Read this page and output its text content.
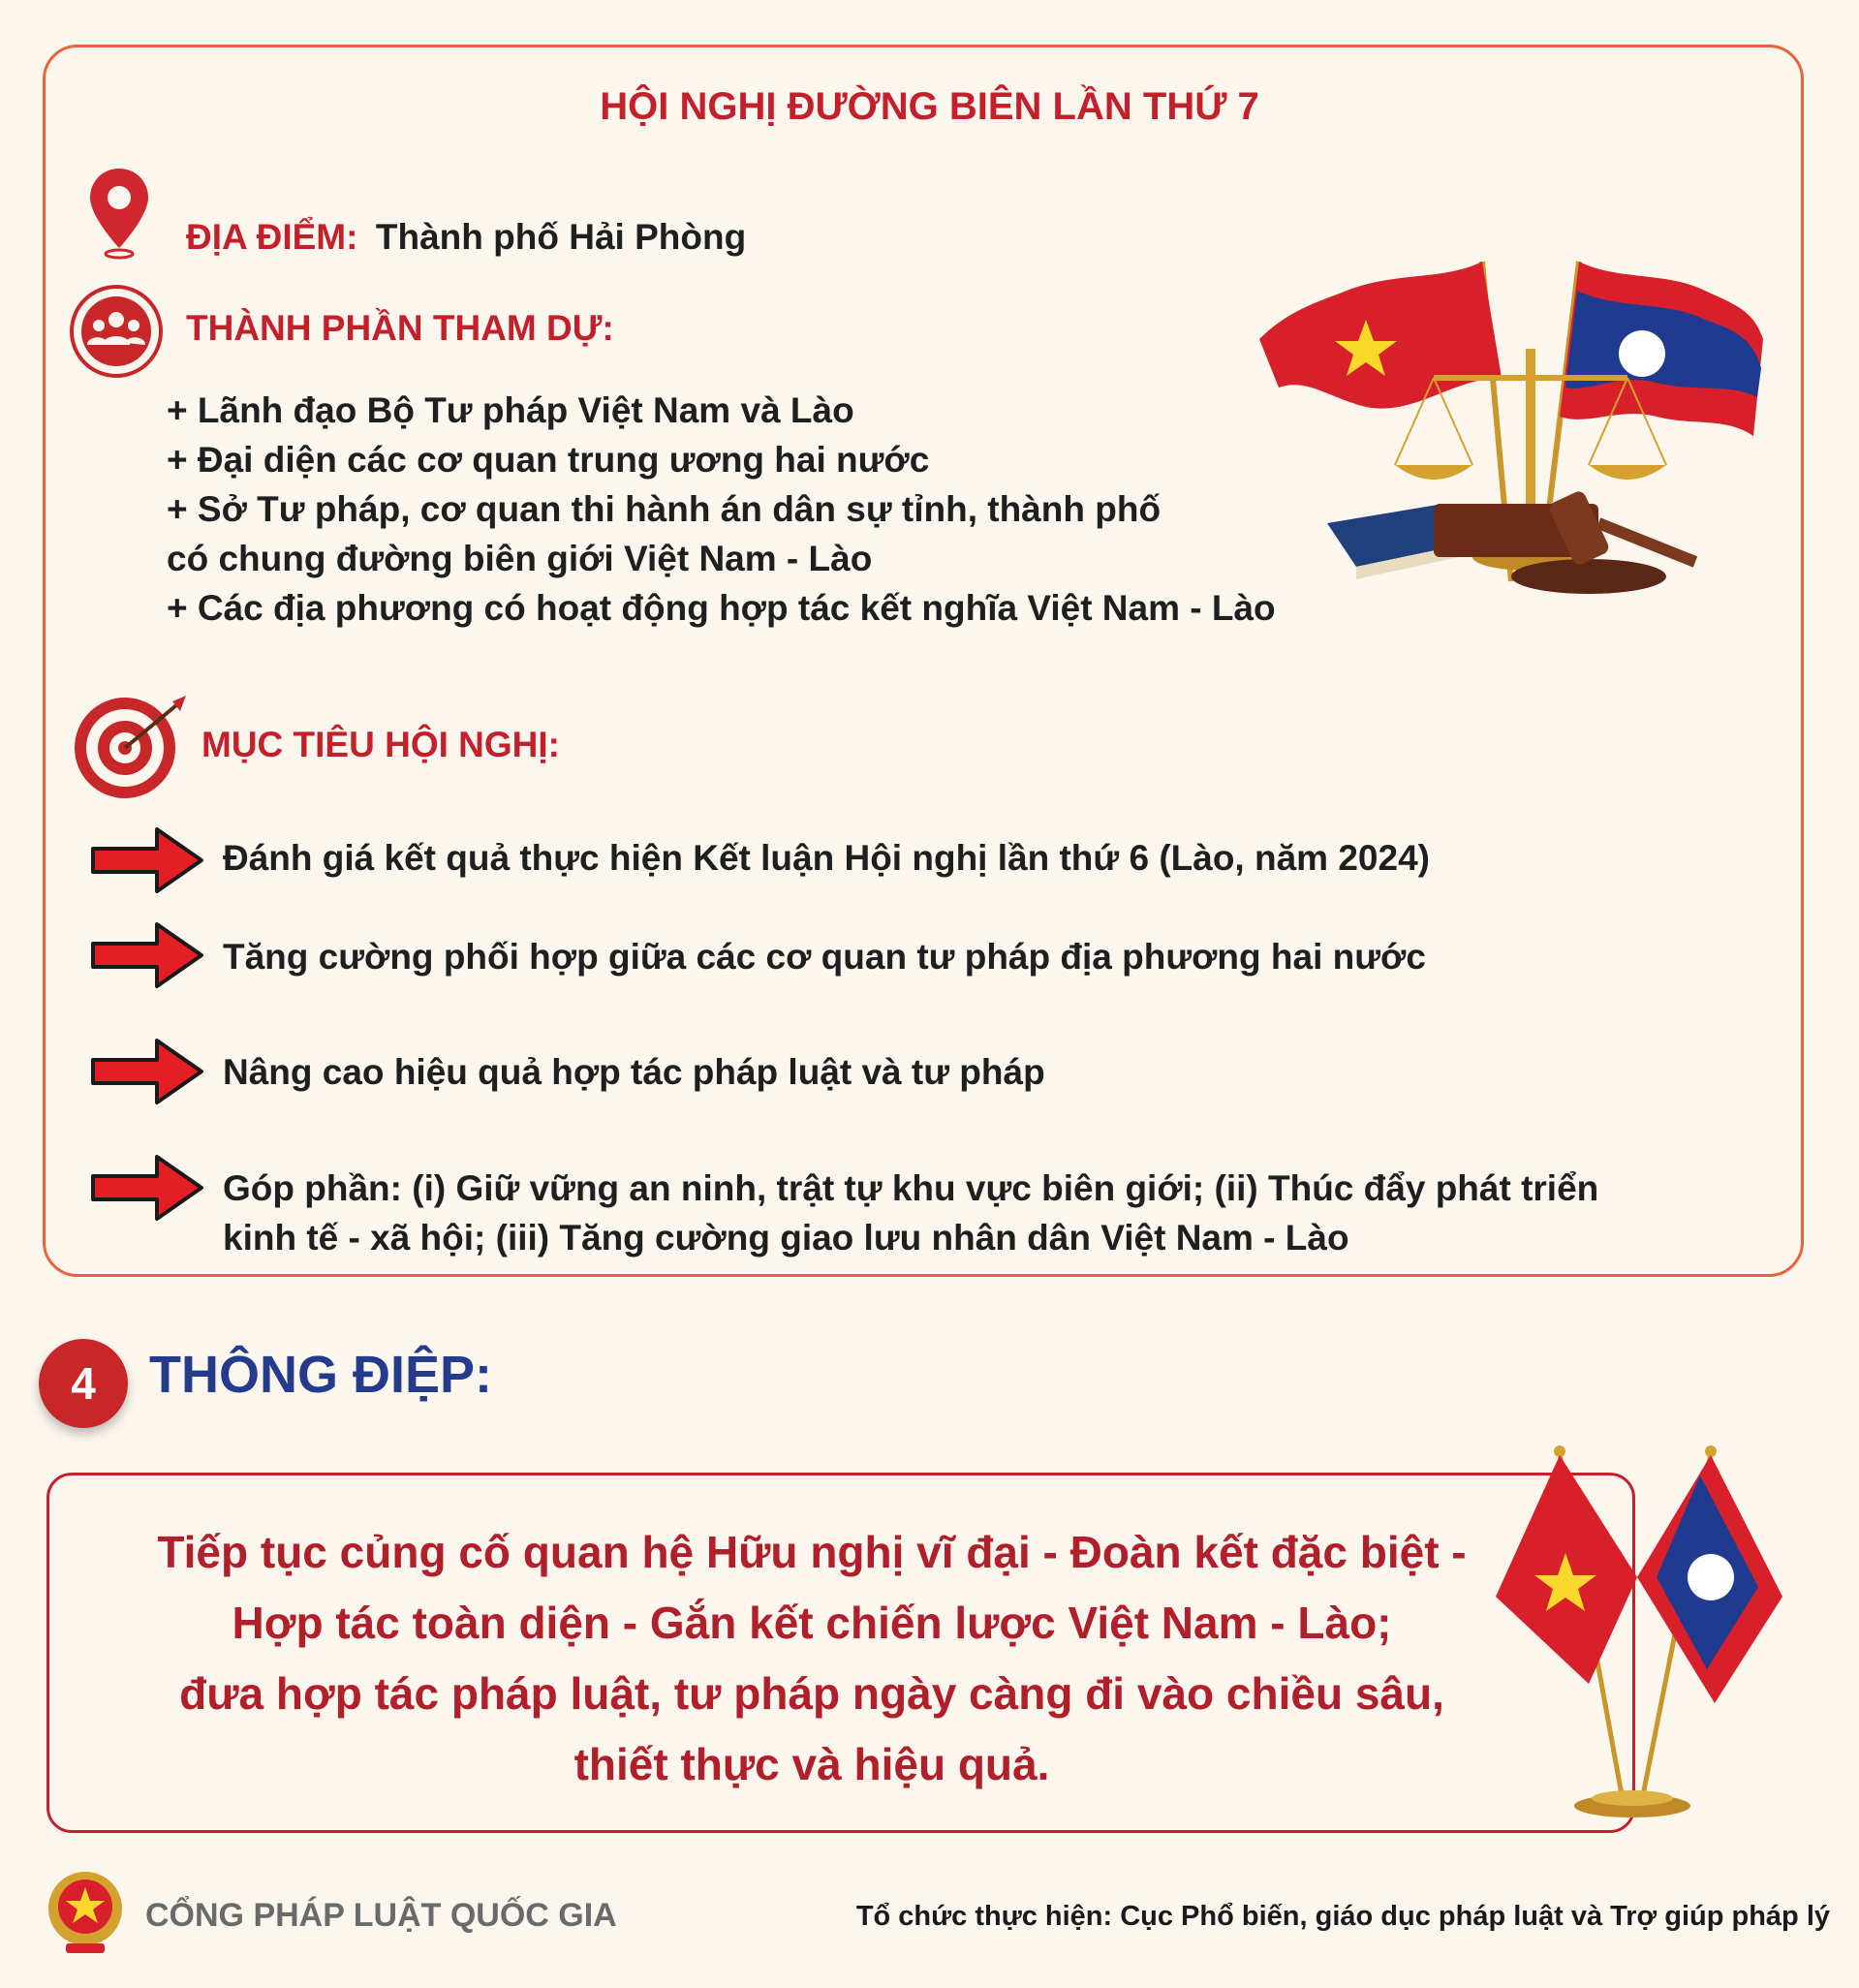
HỘI NGHỊ ĐƯỜNG BIÊN LẦN THỨ 7
ĐỊA ĐIỂM: Thành phố Hải Phòng
THÀNH PHẦN THAM DỰ:
+ Lãnh đạo Bộ Tư pháp Việt Nam và Lào
+ Đại diện các cơ quan trung ương hai nước
+ Sở Tư pháp, cơ quan thi hành án dân sự tỉnh, thành phố
có chung đường biên giới Việt Nam - Lào
+ Các địa phương có hoạt động hợp tác kết nghĩa Việt Nam - Lào
MỤC TIÊU HỘI NGHỊ:
Đánh giá kết quả thực hiện Kết luận Hội nghị lần thứ 6 (Lào, năm 2024)
Tăng cường phối hợp giữa các cơ quan tư pháp địa phương hai nước
Nâng cao hiệu quả hợp tác pháp luật và tư pháp
Góp phần: (i) Giữ vững an ninh, trật tự khu vực biên giới; (ii) Thúc đẩy phát triển
kinh tế - xã hội; (iii) Tăng cường giao lưu nhân dân Việt Nam - Lào
4	THÔNG ĐIỆP:
Tiếp tục củng cố quan hệ Hữu nghị vĩ đại - Đoàn kết đặc biệt -
Hợp tác toàn diện - Gắn kết chiến lược Việt Nam - Lào;
đưa hợp tác pháp luật, tư pháp ngày càng đi vào chiều sâu,
thiết thực và hiệu quả.
CỔNG PHÁP LUẬT QUỐC GIA	Tổ chức thực hiện: Cục Phổ biến, giáo dục pháp luật và Trợ giúp pháp lý
